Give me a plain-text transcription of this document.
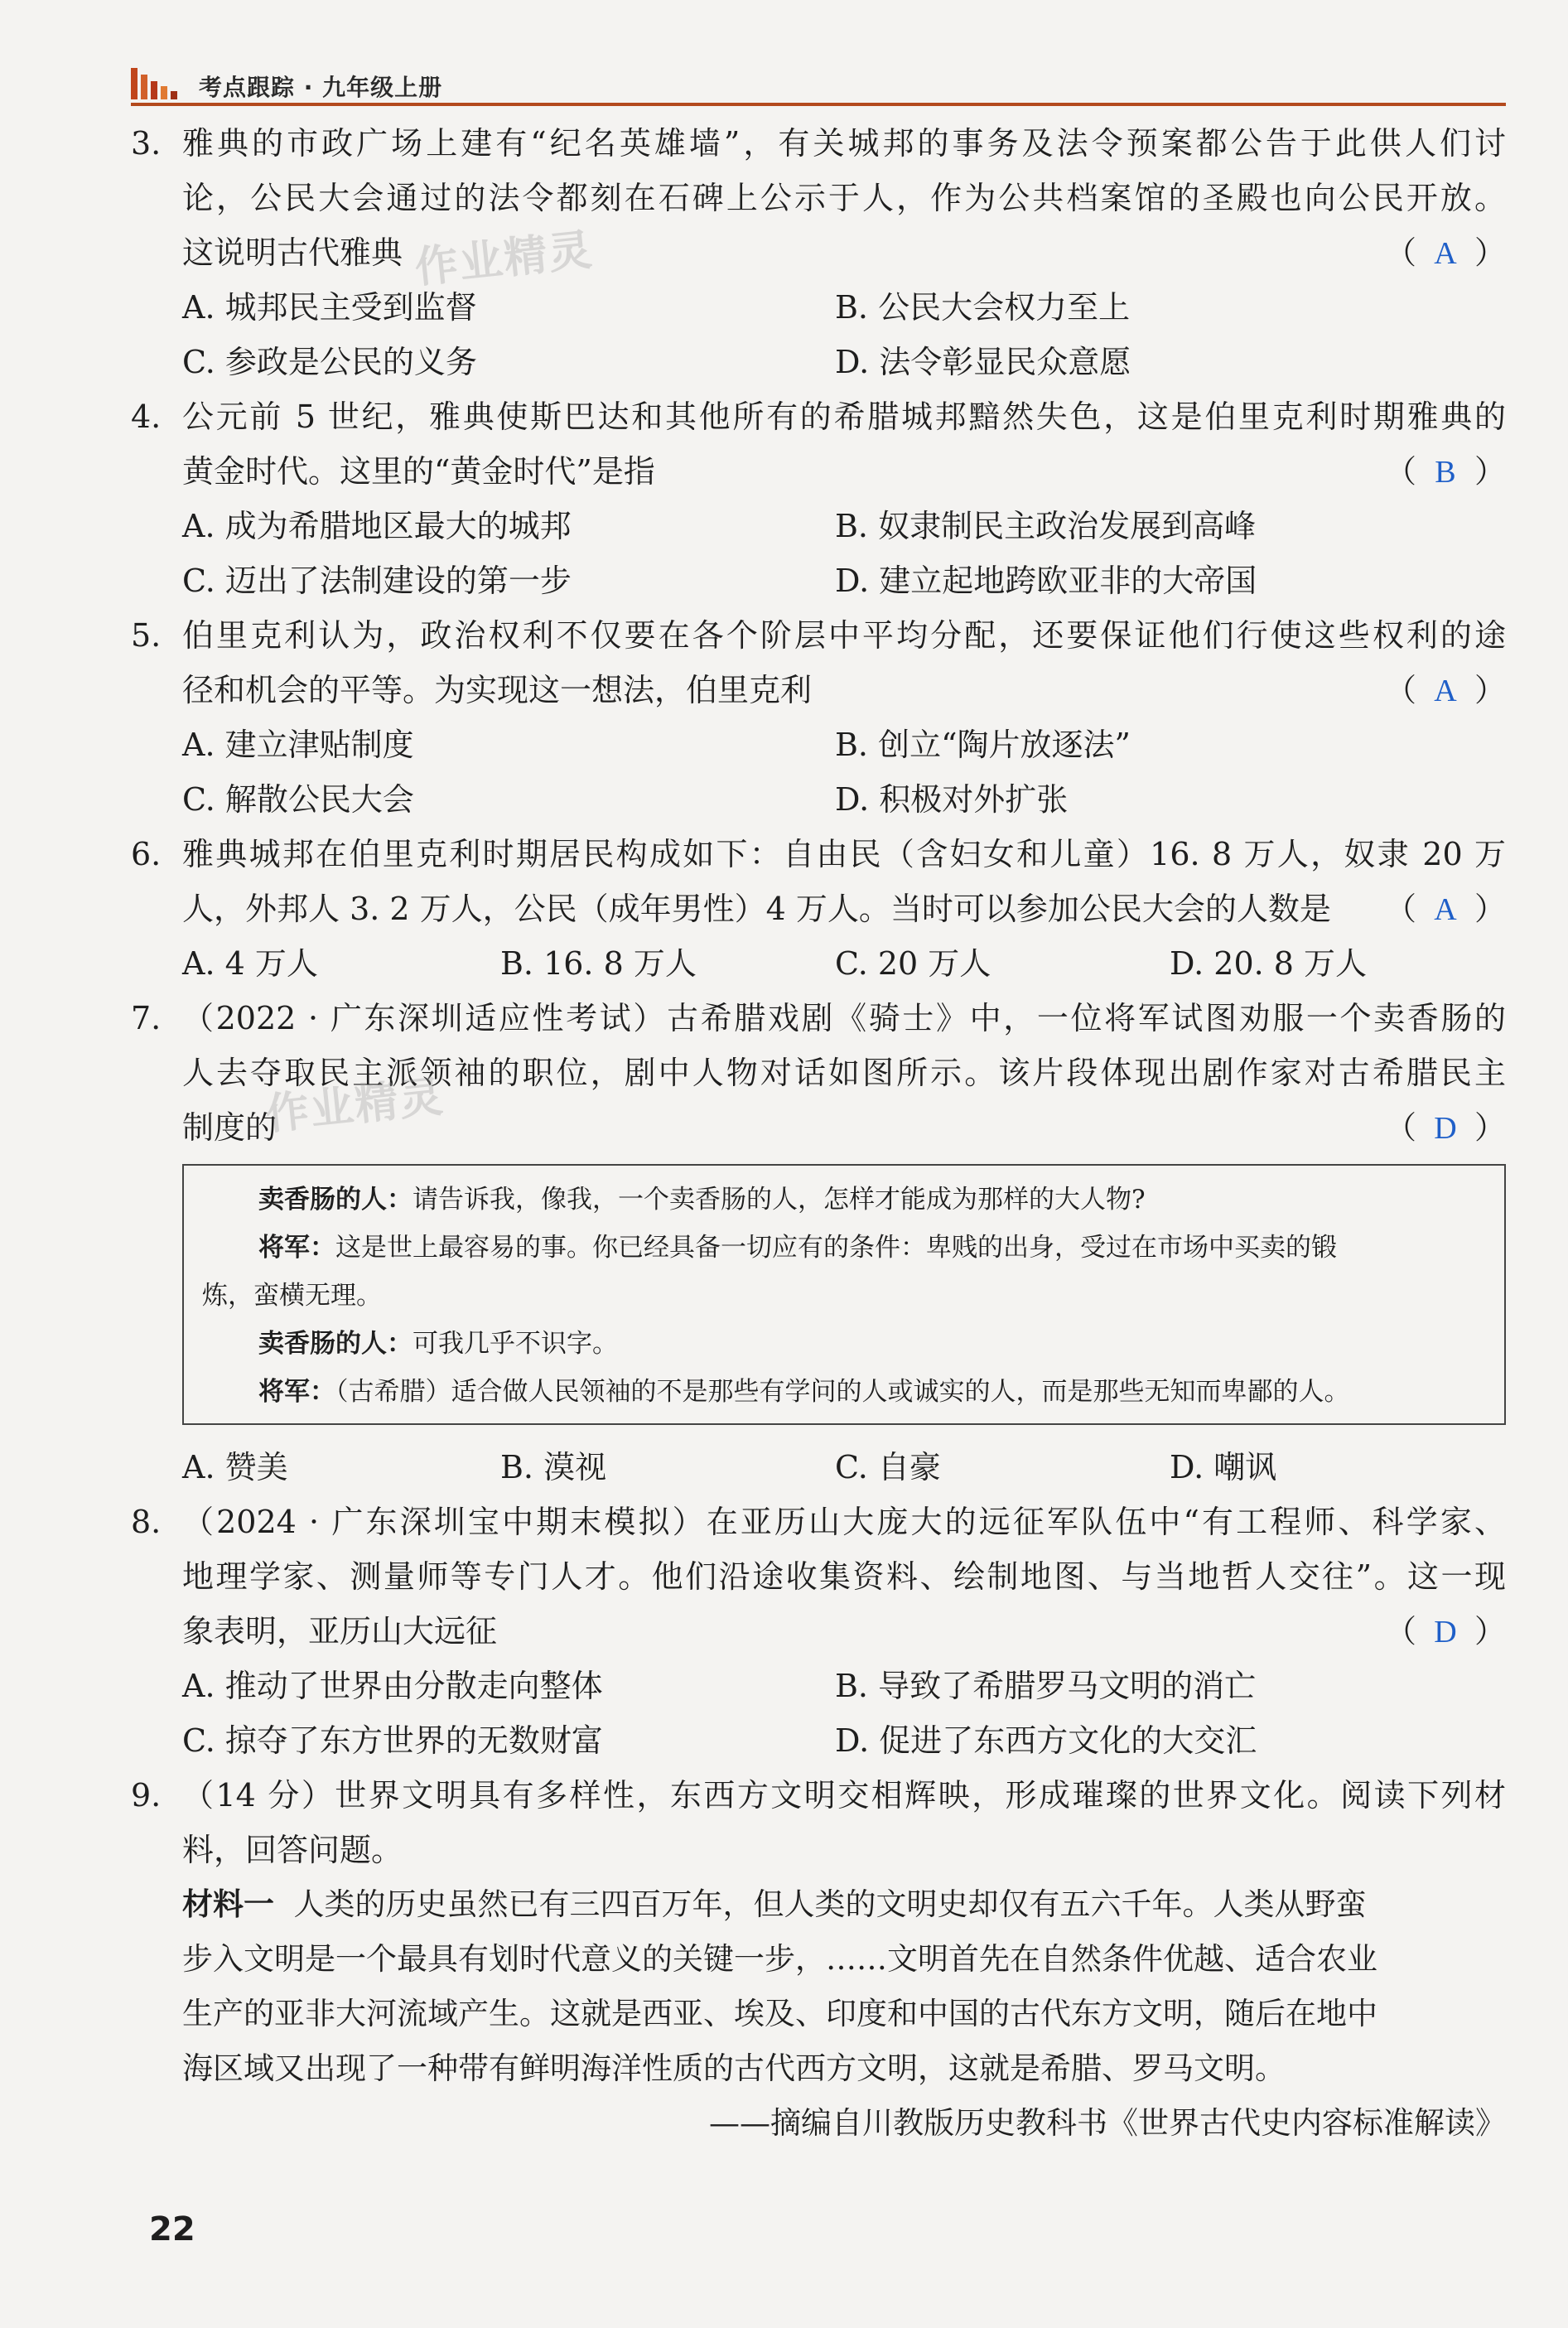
考点跟踪 · 九年级上册
3. 雅典的市政广场上建有“纪名英雄墙”，有关城邦的事务及法令预案都公告于此供人们讨
论，公民大会通过的法令都刻在石碑上公示于人，作为公共档案馆的圣殿也向公民开放。
这说明古代雅典	（ A ）
A. 城邦民主受到监督	B. 公民大会权力至上
C. 参政是公民的义务	D. 法令彰显民众意愿
4. 公元前 5 世纪，雅典使斯巴达和其他所有的希腊城邦黯然失色，这是伯里克利时期雅典的
黄金时代。这里的“黄金时代”是指	（ B ）
A. 成为希腊地区最大的城邦	B. 奴隶制民主政治发展到高峰
C. 迈出了法制建设的第一步	D. 建立起地跨欧亚非的大帝国
5. 伯里克利认为，政治权利不仅要在各个阶层中平均分配，还要保证他们行使这些权利的途
径和机会的平等。为实现这一想法，伯里克利	（ A ）
A. 建立津贴制度	B. 创立“陶片放逐法”
C. 解散公民大会	D. 积极对外扩张
6. 雅典城邦在伯里克利时期居民构成如下：自由民（含妇女和儿童）16. 8 万人，奴隶 20 万
人，外邦人 3. 2 万人，公民（成年男性）4 万人。当时可以参加公民大会的人数是	（ A ）
A. 4 万人	B. 16. 8 万人	C. 20 万人	D. 20. 8 万人
7. （2022 · 广东深圳适应性考试）古希腊戏剧《骑士》中，一位将军试图劝服一个卖香肠的
人去夺取民主派领袖的职位，剧中人物对话如图所示。该片段体现出剧作家对古希腊民主
制度的	（ D ）
卖香肠的人：请告诉我，像我，一个卖香肠的人，怎样才能成为那样的大人物?
将军：这是世上最容易的事。你已经具备一切应有的条件：卑贱的出身，受过在市场中买卖的锻
炼，蛮横无理。
卖香肠的人：可我几乎不识字。
将军：（古希腊）适合做人民领袖的不是那些有学问的人或诚实的人，而是那些无知而卑鄙的人。
A. 赞美	B. 漠视	C. 自豪	D. 嘲讽
8. （2024 · 广东深圳宝中期末模拟）在亚历山大庞大的远征军队伍中“有工程师、科学家、
地理学家、测量师等专门人才。他们沿途收集资料、绘制地图、与当地哲人交往”。这一现
象表明，亚历山大远征	（ D ）
A. 推动了世界由分散走向整体	B. 导致了希腊罗马文明的消亡
C. 掠夺了东方世界的无数财富	D. 促进了东西方文化的大交汇
9. （14 分）世界文明具有多样性，东西方文明交相辉映，形成璀璨的世界文化。阅读下列材
料，回答问题。
材料一 人类的历史虽然已有三四百万年，但人类的文明史却仅有五六千年。人类从野蛮
步入文明是一个最具有划时代意义的关键一步，……文明首先在自然条件优越、适合农业
生产的亚非大河流域产生。这就是西亚、埃及、印度和中国的古代东方文明，随后在地中
海区域又出现了一种带有鲜明海洋性质的古代西方文明，这就是希腊、罗马文明。
——摘编自川教版历史教科书《世界古代史内容标准解读》
作业精灵
作业精灵
22
